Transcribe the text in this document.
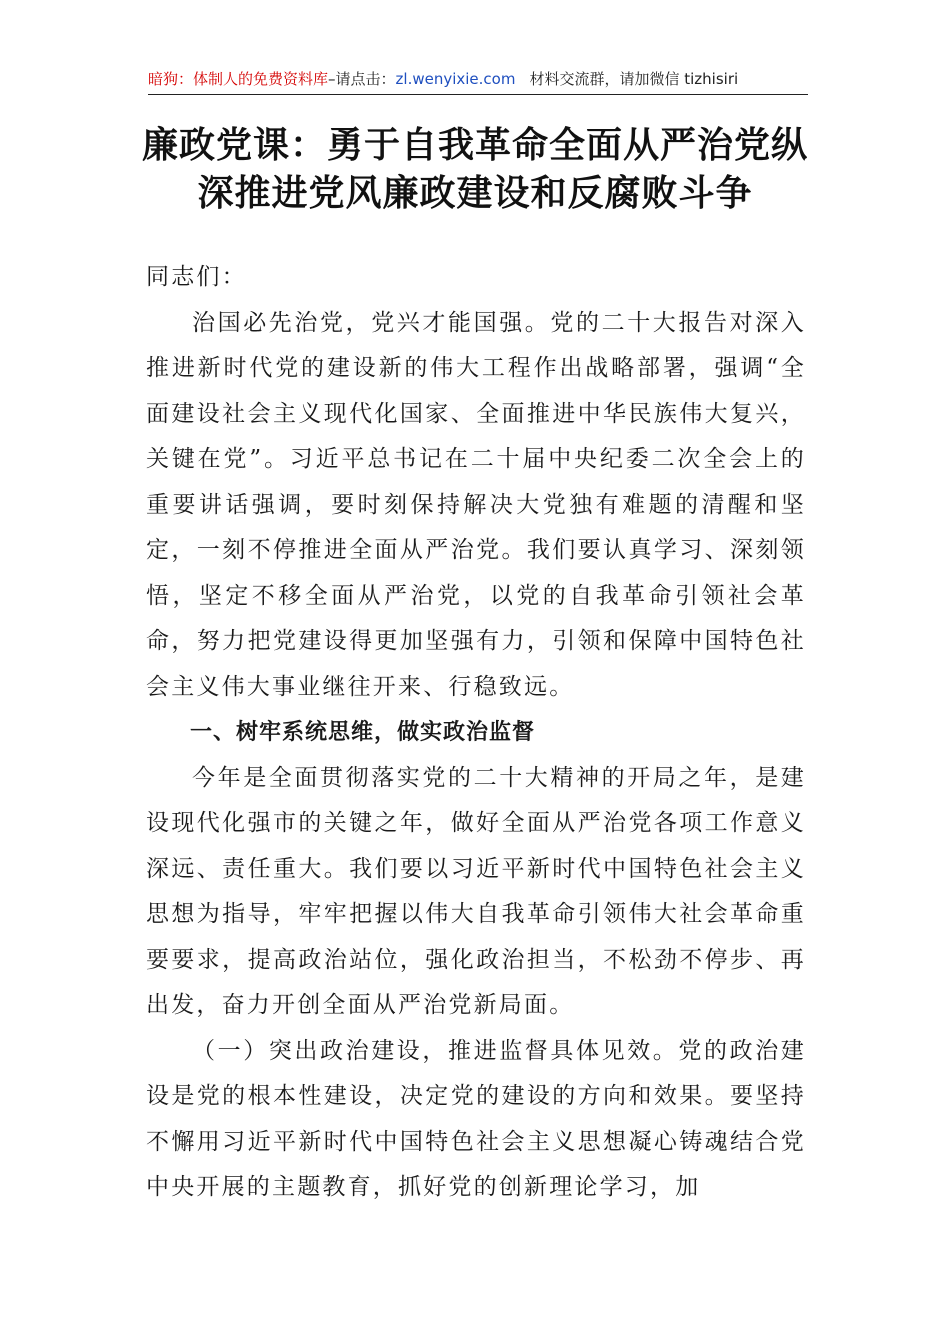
暗狗：体制人的免费资料库–请点击：zl.wenyixie.com 材料交流群，请加微信 tizhisiri
廉政党课：勇于自我革命全面从严治党纵
深推进党风廉政建设和反腐败斗争

同志们：

治国必先治党，党兴才能国强。党的二十大报告对深入推进新时代党的建设新的伟大工程作出战略部署，强调“全面建设社会主义现代化国家、全面推进中华民族伟大复兴，关键在党”。习近平总书记在二十届中央纪委二次全会上的重要讲话强调，要时刻保持解决大党独有难题的清醒和坚定，一刻不停推进全面从严治党。我们要认真学习、深刻领悟，坚定不移全面从严治党，以党的自我革命引领社会革命，努力把党建设得更加坚强有力，引领和保障中国特色社会主义伟大事业继往开来、行稳致远。

一、树牢系统思维，做实政治监督

今年是全面贯彻落实党的二十大精神的开局之年，是建设现代化强市的关键之年，做好全面从严治党各项工作意义深远、责任重大。我们要以习近平新时代中国特色社会主义思想为指导，牢牢把握以伟大自我革命引领伟大社会革命重要要求，提高政治站位，强化政治担当，不松劲不停步、再出发，奋力开创全面从严治党新局面。

（一）突出政治建设，推进监督具体见效。党的政治建设是党的根本性建设，决定党的建设的方向和效果。要坚持不懈用习近平新时代中国特色社会主义思想凝心铸魂结合党中央开展的主题教育，抓好党的创新理论学习，加
